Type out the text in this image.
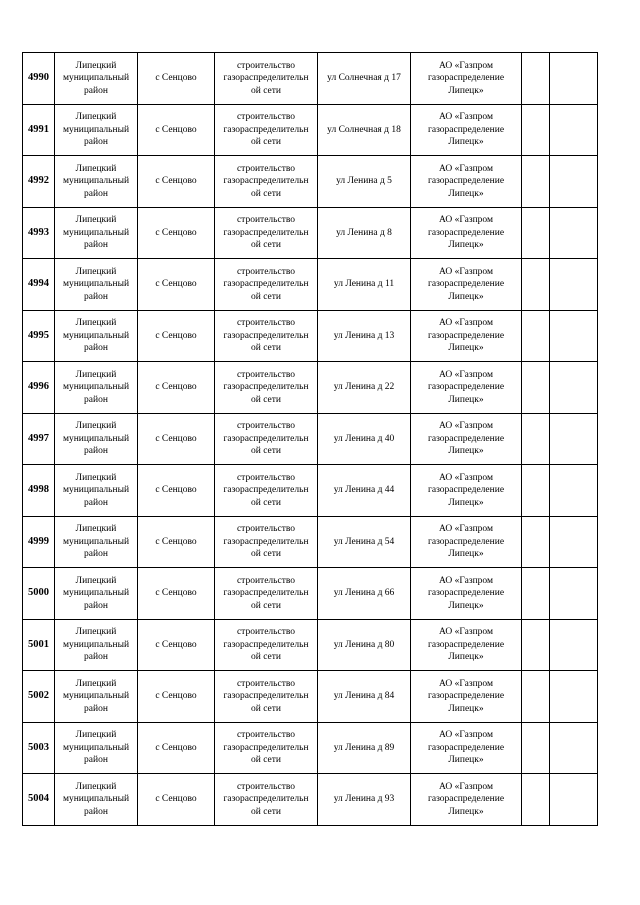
4990	Липецкий
муниципальный
район	с Сенцово	строительство
газораспределительн
ой сети	ул Солнечная д 17	АО «Газпром
газораспределение
Липецк»		

4991	Липецкий
муниципальный
район	с Сенцово	строительство
газораспределительн
ой сети	ул Солнечная д 18	АО «Газпром
газораспределение
Липецк»		

4992	Липецкий
муниципальный
район	с Сенцово	строительство
газораспределительн
ой сети	ул Ленина д 5	АО «Газпром
газораспределение
Липецк»		

4993	Липецкий
муниципальный
район	с Сенцово	строительство
газораспределительн
ой сети	ул Ленина д 8	АО «Газпром
газораспределение
Липецк»		

4994	Липецкий
муниципальный
район	с Сенцово	строительство
газораспределительн
ой сети	ул Ленина д 11	АО «Газпром
газораспределение
Липецк»		

4995	Липецкий
муниципальный
район	с Сенцово	строительство
газораспределительн
ой сети	ул Ленина д 13	АО «Газпром
газораспределение
Липецк»		

4996	Липецкий
муниципальный
район	с Сенцово	строительство
газораспределительн
ой сети	ул Ленина д 22	АО «Газпром
газораспределение
Липецк»		

4997	Липецкий
муниципальный
район	с Сенцово	строительство
газораспределительн
ой сети	ул Ленина д 40	АО «Газпром
газораспределение
Липецк»		

4998	Липецкий
муниципальный
район	с Сенцово	строительство
газораспределительн
ой сети	ул Ленина д 44	АО «Газпром
газораспределение
Липецк»		

4999	Липецкий
муниципальный
район	с Сенцово	строительство
газораспределительн
ой сети	ул Ленина д 54	АО «Газпром
газораспределение
Липецк»		

5000	Липецкий
муниципальный
район	с Сенцово	строительство
газораспределительн
ой сети	ул Ленина д 66	АО «Газпром
газораспределение
Липецк»		

5001	Липецкий
муниципальный
район	с Сенцово	строительство
газораспределительн
ой сети	ул Ленина д 80	АО «Газпром
газораспределение
Липецк»		

5002	Липецкий
муниципальный
район	с Сенцово	строительство
газораспределительн
ой сети	ул Ленина д 84	АО «Газпром
газораспределение
Липецк»		

5003	Липецкий
муниципальный
район	с Сенцово	строительство
газораспределительн
ой сети	ул Ленина д 89	АО «Газпром
газораспределение
Липецк»		

5004	Липецкий
муниципальный
район	с Сенцово	строительство
газораспределительн
ой сети	ул Ленина д 93	АО «Газпром
газораспределение
Липецк»		
